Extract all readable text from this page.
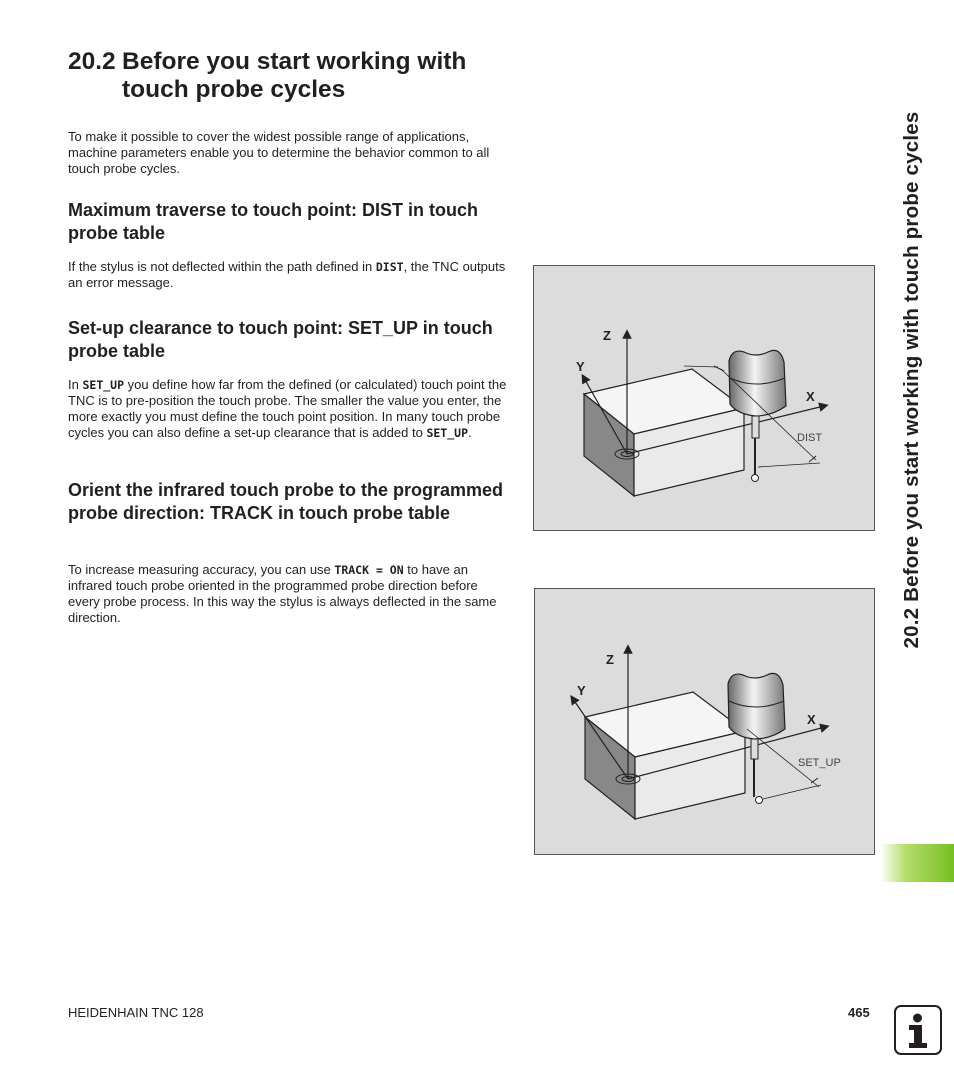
20.2 Before you start working with touch probe cycles

To make it possible to cover the widest possible range of applications, machine parameters enable you to determine the behavior common to all touch probe cycles.

Maximum traverse to touch point: DIST in touch probe table

If the stylus is not deflected within the path defined in DIST, the TNC outputs an error message.

Set-up clearance to touch point: SET_UP in touch probe table

In SET_UP you define how far from the defined (or calculated) touch point the TNC is to pre-position the touch probe. The smaller the value you enter, the more exactly you must define the touch point position. In many touch probe cycles you can also define a set-up clearance that is added to SET_UP.

Orient the infrared touch probe to the programmed probe direction: TRACK in touch probe table

To increase measuring accuracy, you can use TRACK = ON to have an infrared touch probe oriented in the programmed probe direction before every probe process. In this way the stylus is always deflected in the same direction.

Z
Y
X
DIST
Z
Y
X
SET_UP
20.2 Before you start working with touch probe cycles
HEIDENHAIN TNC 128	465
